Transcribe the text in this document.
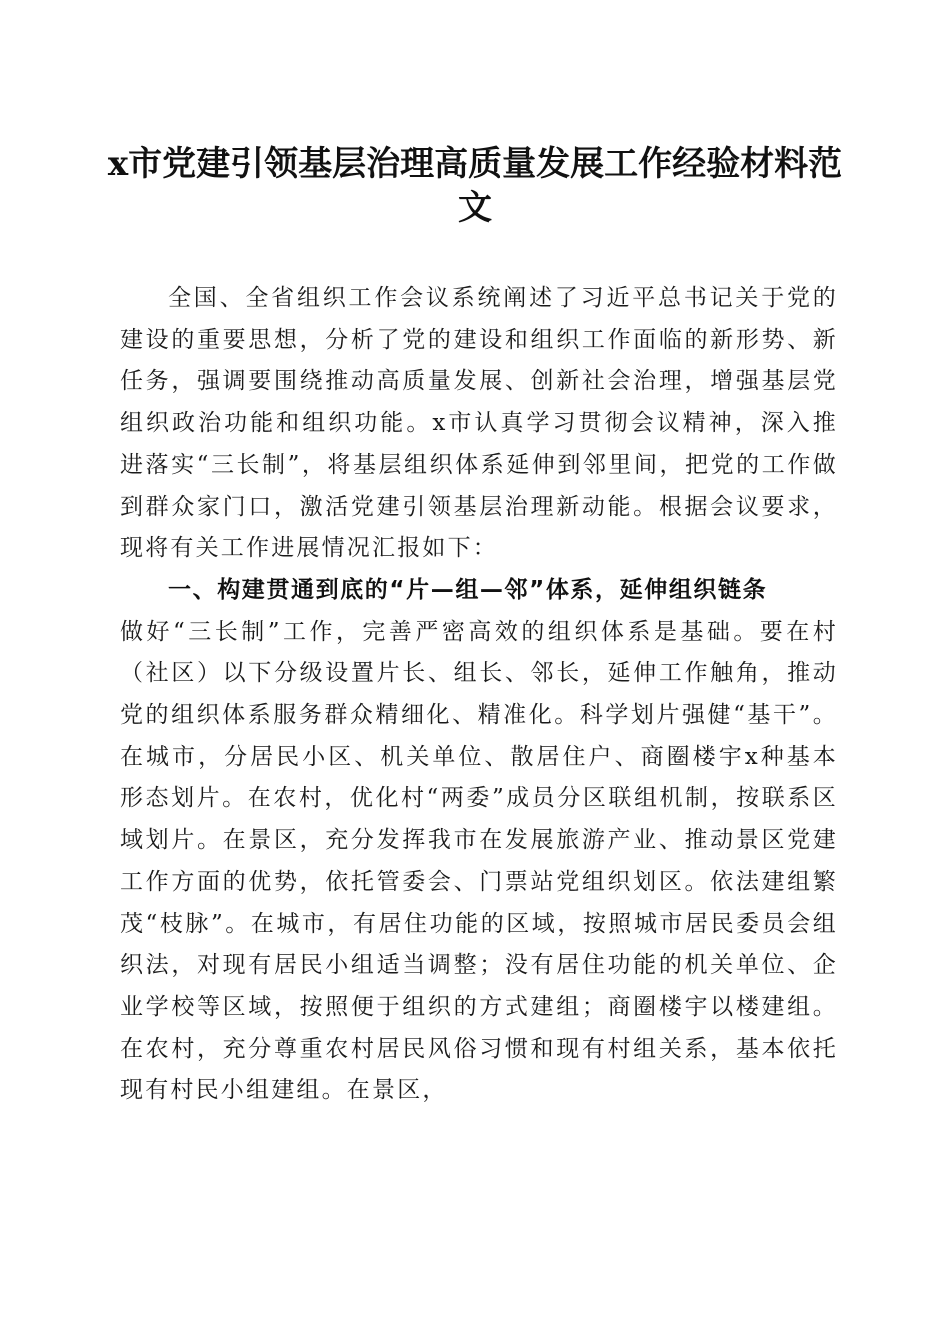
x市党建引领基层治理高质量发展工作经验材料范文

全国、全省组织工作会议系统阐述了习近平总书记关于党的建设的重要思想，分析了党的建设和组织工作面临的新形势、新任务，强调要围绕推动高质量发展、创新社会治理，增强基层党组织政治功能和组织功能。x市认真学习贯彻会议精神，深入推进落实“三长制”，将基层组织体系延伸到邻里间，把党的工作做到群众家门口，激活党建引领基层治理新动能。根据会议要求，现将有关工作进展情况汇报如下：

一、构建贯通到底的“片—组—邻”体系，延伸组织链条

做好“三长制”工作，完善严密高效的组织体系是基础。要在村（社区）以下分级设置片长、组长、邻长，延伸工作触角，推动党的组织体系服务群众精细化、精准化。科学划片强健“基干”。在城市，分居民小区、机关单位、散居住户、商圈楼宇x种基本形态划片。在农村，优化村“两委”成员分区联组机制，按联系区域划片。在景区，充分发挥我市在发展旅游产业、推动景区党建工作方面的优势，依托管委会、门票站党组织划区。依法建组繁茂“枝脉”。在城市，有居住功能的区域，按照城市居民委员会组织法，对现有居民小组适当调整；没有居住功能的机关单位、企业学校等区域，按照便于组织的方式建组；商圈楼宇以楼建组。在农村，充分尊重农村居民风俗习惯和现有村组关系，基本依托现有村民小组建组。在景区，
